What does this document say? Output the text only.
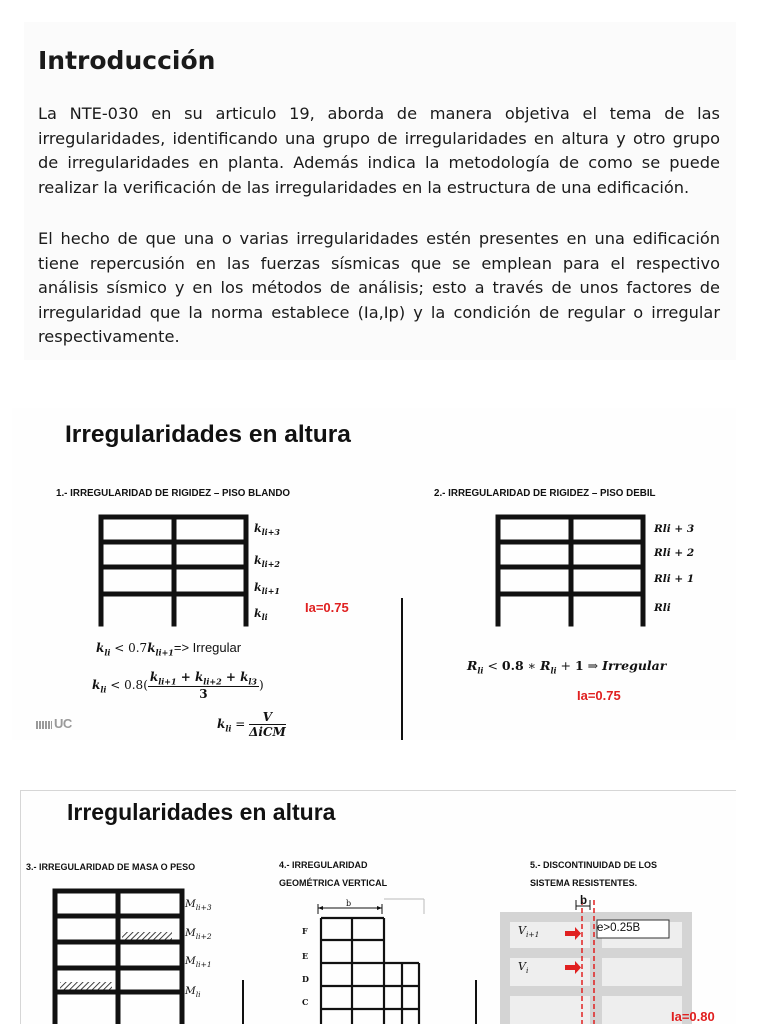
Introducción

La NTE-030 en su articulo 19, aborda de manera objetiva el tema de las irregularidades, identificando una grupo de irregularidades en altura y otro grupo de irregularidades en planta. Además indica la metodología de como se puede realizar la verificación de las irregularidades en la estructura de una edificación.

El hecho de que una o varias irregularidades estén presentes en una edificación tiene repercusión en las fuerzas sísmicas que se emplean para el respectivo análisis sísmico y en los métodos de análisis; esto a través de unos factores de irregularidad que la norma establece (Ia,Ip) y la condición de regular o irregular respectivamente.

Irregularidades en altura
1.- IRREGULARIDAD DE RIGIDEZ – PISO BLANDO
$k_{li+3}$
$k_{li+2}$
$k_{li+1}$
$k_{li}$
Ia=0.75
$k_{li} < 0.7k_{li+1}=>$ Irregular
$k_{li} < 0.8( \frac{k_{li+1} + k_{li+2} + k_{l3}}{3}$ )
$k_{li} = \frac{V}{\text{ΔiCM}}$
UC
2.- IRREGULARIDAD DE RIGIDEZ – PISO DEBIL
Rli + 3
Rli + 2
Rli + 1
Rli
$R_{li} < 0.8$ ∗ $R_{li} + 1$ ⇒ Irregular
Ia=0.75
Irregularidades en altura
3.- IRREGULARIDAD DE MASA O PESO
$M_{li+3}$
$M_{li+2}$
$M_{li+1}$
$M_{li}$
4.- IRREGULARIDAD
GEOMÉTRICA VERTICAL
b
F
E
D
C
5.- DISCONTINUIDAD DE LOS
SISTEMA RESISTENTES.
b
e>0.25B
$V_{i+1}$
$V_i$
Ia=0.80
